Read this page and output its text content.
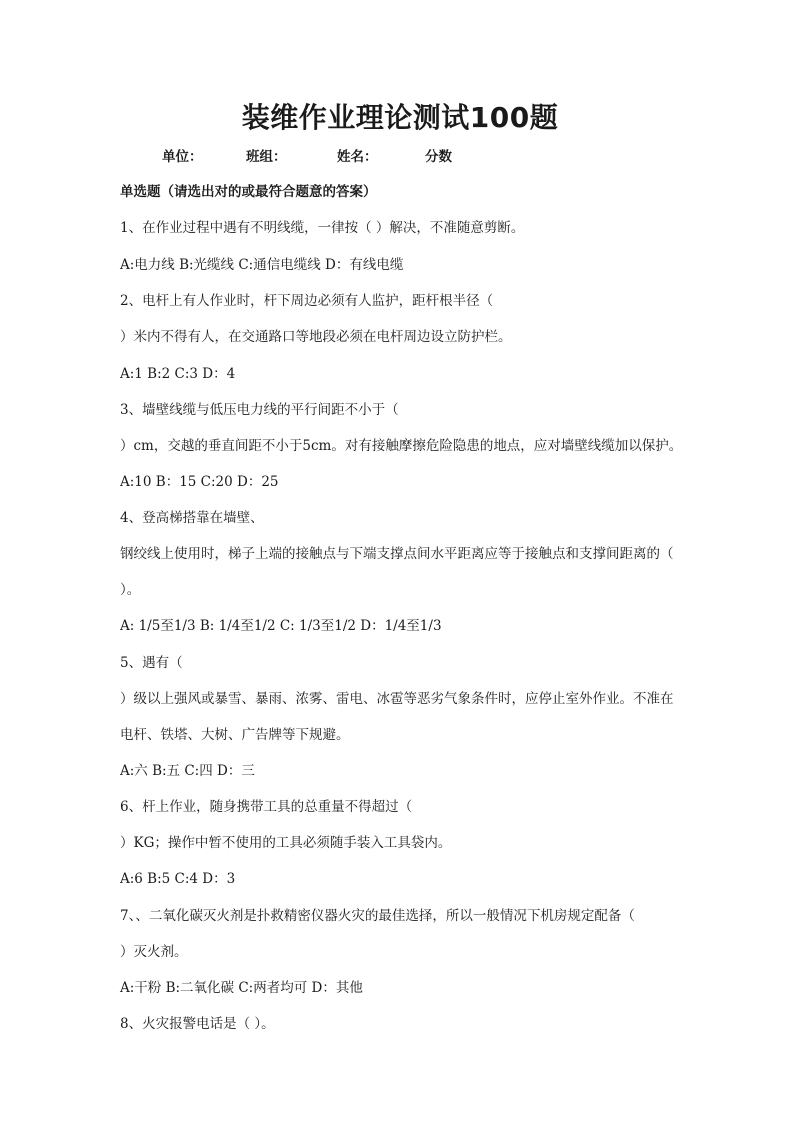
装维作业理论测试100题
单位：	班组：	姓名：	分数
单选题（请选出对的或最符合题意的答案）
1、在作业过程中遇有不明线缆，一律按（ ）解决，不准随意剪断。
A:电力线 B:光缆线 C:通信电缆线 D：有线电缆
2、电杆上有人作业时，杆下周边必须有人监护，距杆根半径（
）米内不得有人，在交通路口等地段必须在电杆周边设立防护栏。
A:1 B:2 C:3 D：4
3、墙壁线缆与低压电力线的平行间距不小于（
）cm，交越的垂直间距不小于5cm。对有接触摩擦危险隐患的地点，应对墙壁线缆加以保护。
A:10 B：15 C:20 D：25
4、登高梯搭靠在墙壁、
钢绞线上使用时，梯子上端的接触点与下端支撑点间水平距离应等于接触点和支撑间距离的（
）。
A: 1/5至1/3 B: 1/4至1/2 C: 1/3至1/2 D：1/4至1/3
5、遇有（
）级以上强风或暴雪、暴雨、浓雾、雷电、冰雹等恶劣气象条件时，应停止室外作业。不准在
电杆、铁塔、大树、广告牌等下规避。
A:六 B:五 C:四 D：三
6、杆上作业，随身携带工具的总重量不得超过（
）KG；操作中暂不使用的工具必须随手装入工具袋内。
A:6 B:5 C:4 D：3
7、、二氧化碳灭火剂是扑救精密仪器火灾的最佳选择，所以一般情况下机房规定配备（
）灭火剂。
A:干粉 B:二氧化碳 C:两者均可 D：其他
8、火灾报警电话是（ ）。
